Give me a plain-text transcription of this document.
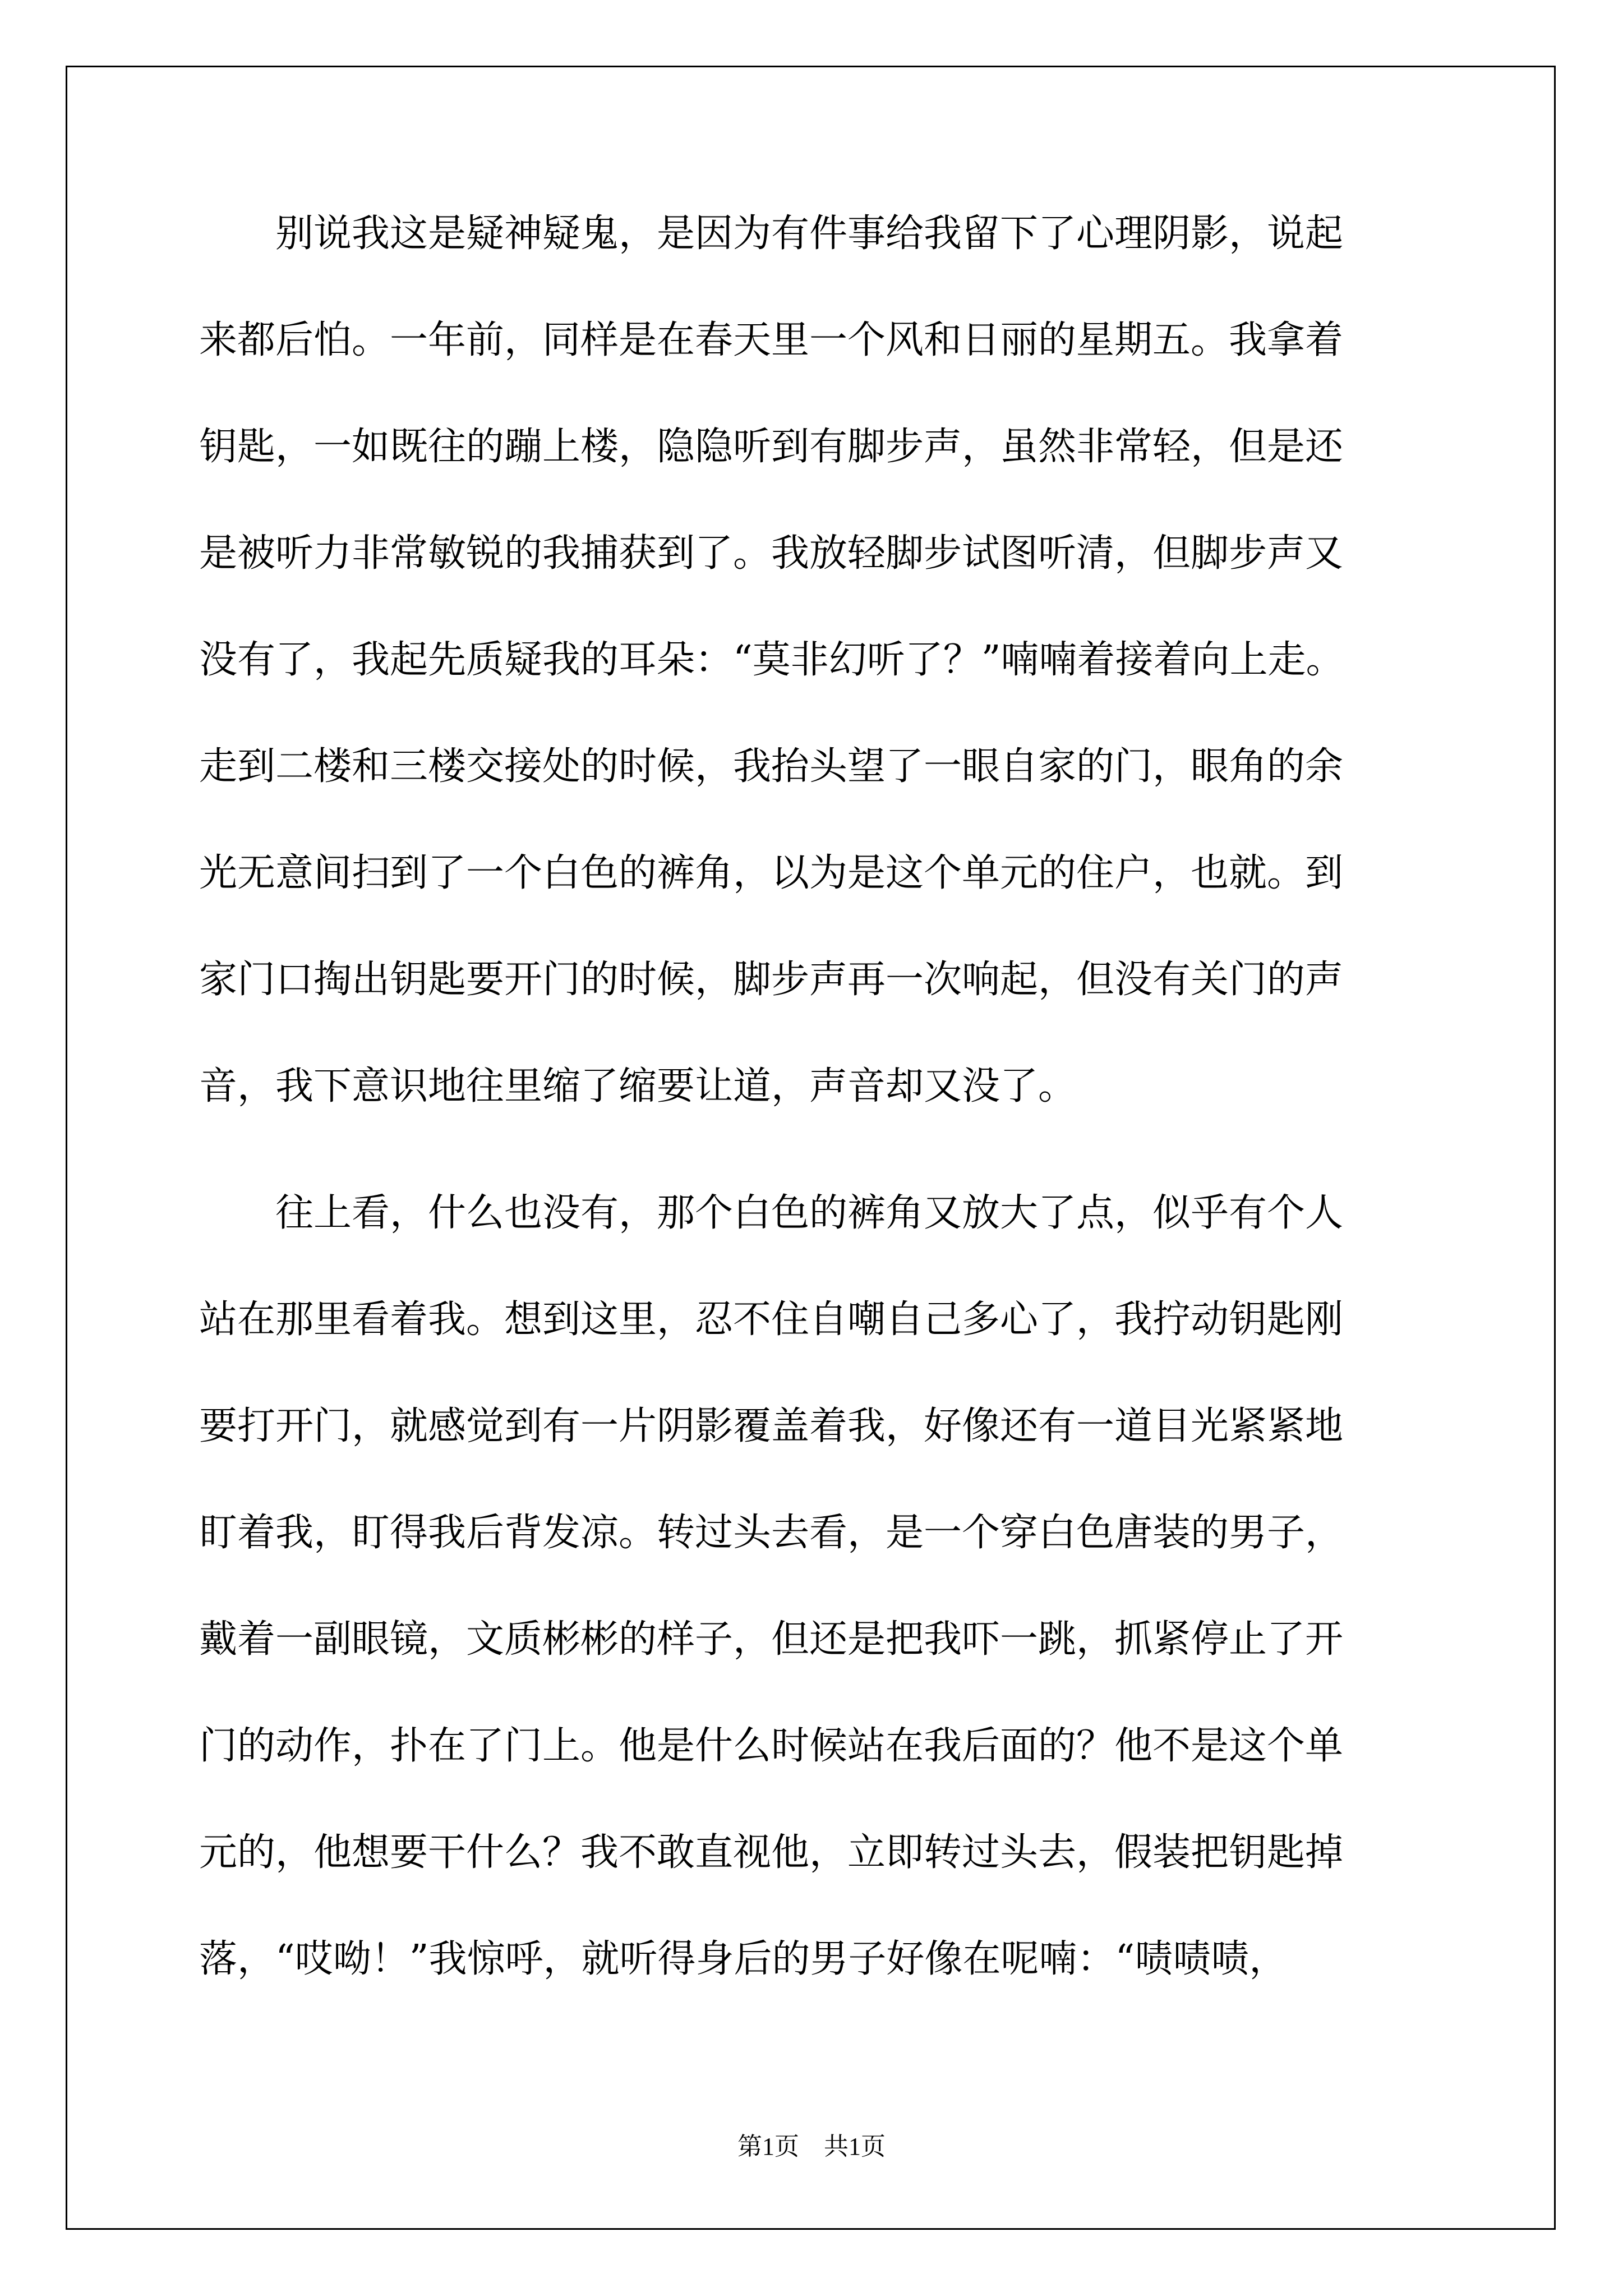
　　别说我这是疑神疑鬼，是因为有件事给我留下了心理阴影，说起
来都后怕。一年前，同样是在春天里一个风和日丽的星期五。我拿着
钥匙，一如既往的蹦上楼，隐隐听到有脚步声，虽然非常轻，但是还
是被听力非常敏锐的我捕获到了。我放轻脚步试图听清，但脚步声又
没有了，我起先质疑我的耳朵：“莫非幻听了？”喃喃着接着向上走。
走到二楼和三楼交接处的时候，我抬头望了一眼自家的门，眼角的余
光无意间扫到了一个白色的裤角，以为是这个单元的住户，也就。到
家门口掏出钥匙要开门的时候，脚步声再一次响起，但没有关门的声
音，我下意识地往里缩了缩要让道，声音却又没了。
　　往上看，什么也没有，那个白色的裤角又放大了点，似乎有个人
站在那里看着我。想到这里，忍不住自嘲自己多心了，我拧动钥匙刚
要打开门，就感觉到有一片阴影覆盖着我，好像还有一道目光紧紧地
盯着我，盯得我后背发凉。转过头去看，是一个穿白色唐装的男子，
戴着一副眼镜，文质彬彬的样子，但还是把我吓一跳，抓紧停止了开
门的动作，扑在了门上。他是什么时候站在我后面的？他不是这个单
元的，他想要干什么？我不敢直视他，立即转过头去，假装把钥匙掉
落，“哎呦！”我惊呼，就听得身后的男子好像在呢喃：“啧啧啧，
第1页　共1页
